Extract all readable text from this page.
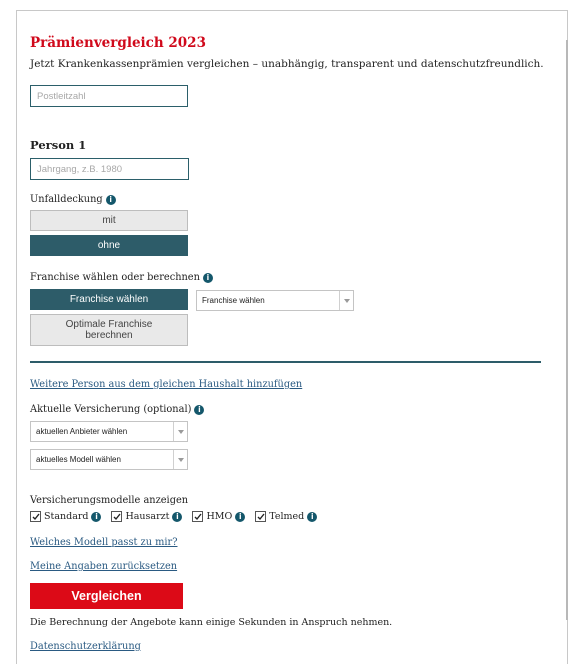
Prämienvergleich 2023
Jetzt Krankenkassenprämien vergleichen – unabhängig, transparent und datenschutzfreundlich.
Postleitzahl
Person 1
Jahrgang, z.B. 1980
Unfalldeckung i
mit
ohne
Franchise wählen oder berechnen i
Franchise wählen
Optimale Franchise berechnen
Franchise wählen
Weitere Person aus dem gleichen Haushalt hinzufügen
Aktuelle Versicherung (optional) i
aktuellen Anbieter wählen
aktuelles Modell wählen
Versicherungsmodelle anzeigen
Standard i	Hausarzt i	HMO i	Telmed i
Welches Modell passt zu mir?
Meine Angaben zurücksetzen
Vergleichen
Die Berechnung der Angebote kann einige Sekunden in Anspruch nehmen.
Datenschutzerklärung
